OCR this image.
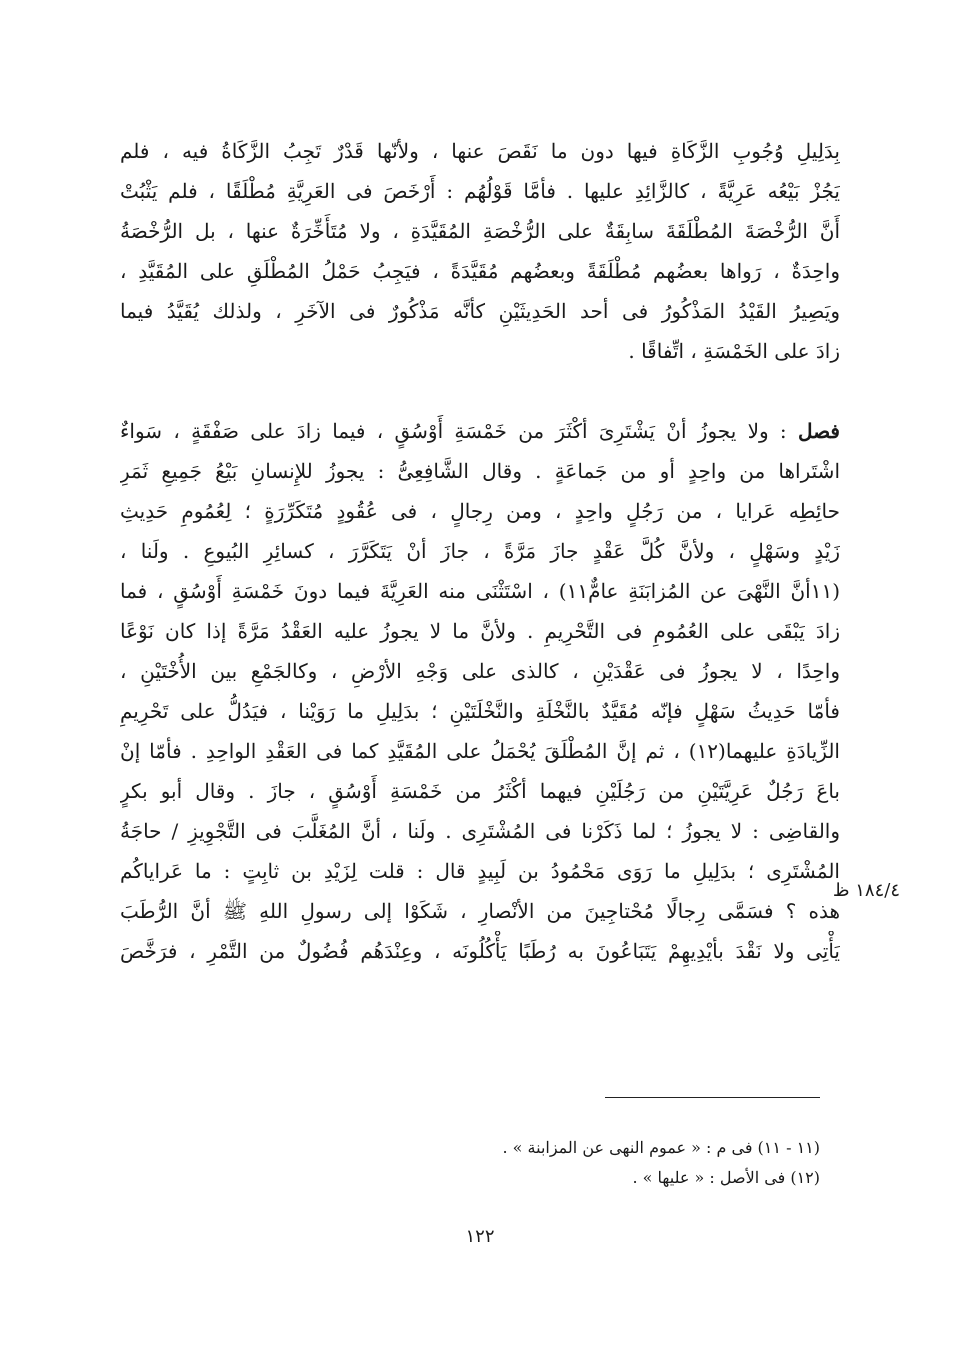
بِدَلِيلِ وُجُوبِ الزَّكَاةِ فيها دون ما نَقَصَ عنها ، ولأنّها قَدْرٌ تَجِبُ الزَّكَاةُ فيه ، فلم
يَجُزْ بَيْعُه عَرِيَّةً ، كالزَّائِدِ عليها . فأمَّا قَوْلُهُم : أَرْخَصَ فى العَرِيَّةِ مُطْلَقًا ، فلم يَثْبُتْ
أَنَّ الرُّخْصَةَ المُطْلَقَةَ سابِقَةٌ على الرُّخْصَةِ المُقَيَّدَةِ ، ولا مُتَأَخِّرَةٌ عنها ، بل الرُّخْصَةُ
واحِدَةٌ ، رَواها بعضُهم مُطْلَقَةً وبعضُهم مُقَيَّدَةً ، فيَجِبُ حَمْلُ المُطْلَقِ على المُقَيَّدِ ،
ويَصِيرُ القَيْدُ المَذْكُورُ فى أحد الحَدِيثَيْنِ كأنَّه مَذْكُورٌ فى الآخَرِ ، ولذلك يُقَيَّدُ فيما
زادَ على الخَمْسَةِ ، اتِّفاقًا .
فصل : ولا يجوزُ أنْ يَشْتَرِىَ أكْثَرَ من خَمْسَةِ أَوْسُقٍ ، فيما زادَ على صَفْقَةٍ ، سَواءٌ
اشْتَراها من واحِدٍ أو من جَماعَةٍ . وقال الشَّافِعِىُّ : يجوزُ للإِنسانِ بَيْعُ جَمِيعِ ثَمَرِ
حائِطِه عَرايا ، من رَجُلٍ واحِدٍ ، ومن رِجالٍ ، فى عُقُودٍ مُتَكَرِّرَةٍ ؛ لِعُمُومِ حَدِيثِ
زَيْدٍ وسَهْلٍ ، ولأنَّ كُلَّ عَقْدٍ جازَ مَرَّةً ، جازَ أنْ يَتَكَرَّرَ ، كسائِرِ البُيوعِ . ولَنا ،
(١١أنَّ النَّهْىَ عن المُزابَنَةِ عامٌّ١١) ، اسْتَثْنَى منه العَرِيَّةَ فيما دونَ خَمْسَةِ أَوْسُقٍ ، فما
زادَ يَبْقَى على العُمُومِ فى التَّحْرِيمِ . ولأنَّ ما لا يجوزُ عليه العَقْدُ مَرَّةً إذا كان نَوْعًا
واحِدًا ، لا يجوزُ فى عَقْدَيْنِ ، كالذى على وَجْهِ الأرْضِ ، وكالجَمْعِ بين الأُخْتَيْنِ ،
فأمّا حَدِيثُ سَهْلٍ فإنّه مُقَيَّدٌ بالنَّخْلَةِ والنَّخْلَتَيْنِ ؛ بدَلِيلِ ما رَوَيْنا ، فيَدُلُّ على تَحْرِيمِ
الزِّيادَةِ عليهما(١٢) ، ثم إنَّ المُطْلَقَ يُحْمَلُ على المُقَيَّدِ كما فى العَقْدِ الواحِدِ . فأمّا إنْ
باعَ رَجُلٌ عَرِيَّتَيْنِ من رَجُلَيْنِ فيهما أكْثَرُ من خَمْسَةِ أَوْسُقٍ ، جازَ . وقال أبو بكرٍ
والقاضِى : لا يجوزُ ؛ لما ذَكَرْنا فى المُشْتَرِى . ولَنا ، أنَّ المُغَلَّبَ فى التَّجْوِيزِ / حاجَةُ
المُشْتَرِى ؛ بدَلِيلِ ما رَوَى مَحْمُودُ بن لَبِيدٍ قال : قلت لِزَيْدِ بن ثابِتٍ : ما عَراياكُم
هذه ؟ فسَمَّى رِجالًا مُحْتاجِينَ من الأنْصارِ ، شَكَوْا إلى رسولِ اللهِ ﷺ أنَّ الرُّطَبَ
يَأْتِى ولا نَقْدَ بأيْدِيهِمْ يَتَبَاعُونَ به رُطَبًا يَأْكُلُونَه ، وعِنْدَهُم فُضُولٌ من التَّمْرِ ، فرَخَّصَ
١٨٤/٤ ظ
(١١ - ١١) فى م : « عموم النهى عن المزابنة » .
(١٢) فى الأصل : « عليها » .
١٢٢
